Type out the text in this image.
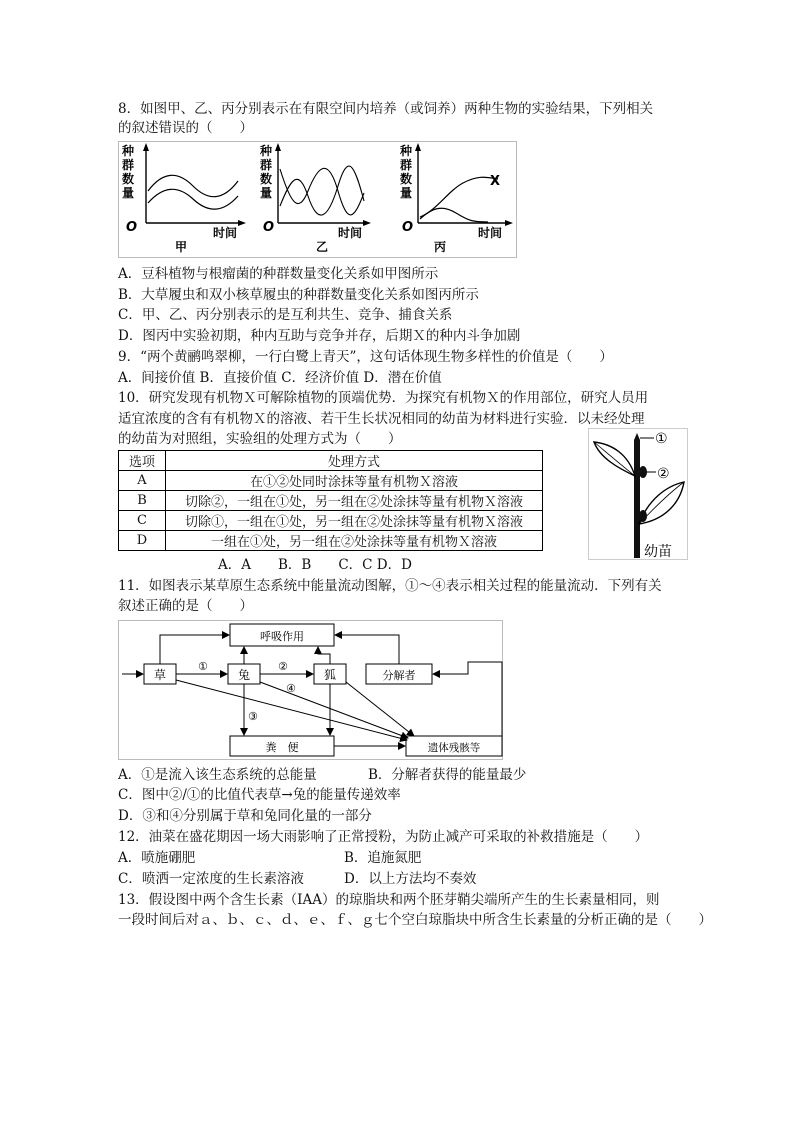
8．如图甲、乙、丙分别表示在有限空间内培养（或饲养）两种生物的实验结果，下列相关
的叙述错误的（　　）
种
群
数
量
O	时间
甲
种
群
数
量
O	时间
乙
种
群
数
量
X
O	时间
丙
A．豆科植物与根瘤菌的种群数量变化关系如甲图所示
B．大草履虫和双小核草履虫的种群数量变化关系如图丙所示
C．甲、乙、丙分别表示的是互利共生、竞争、捕食关系
D．图丙中实验初期，种内互助与竞争并存，后期Ｘ的种内斗争加剧
9．“两个黄鹂鸣翠柳，一行白鹭上青天”，这句话体现生物多样性的价值是（　　）
A．间接价值 B．直接价值 C．经济价值 D．潜在价值
10．研究发现有机物Ｘ可解除植物的顶端优势．为探究有机物Ｘ的作用部位，研究人员用
适宜浓度的含有有机物Ｘ的溶液、若干生长状况相同的幼苗为材料进行实验．以未经处理
的幼苗为对照组，实验组的处理方式为（　　）
选项	处理方式
A	在①②处同时涂抹等量有机物Ｘ溶液
B	切除②，一组在①处，另一组在②处涂抹等量有机物Ｘ溶液
C	切除①，一组在①处，另一组在②处涂抹等量有机物Ｘ溶液
D	一组在①处，另一组在②处涂抹等量有机物Ｘ溶液
A．A　　B．B　　C．C D．D
①
②
幼苗
11．如图表示某草原生态系统中能量流动图解，①～④表示相关过程的能量流动．下列有关
叙述正确的是（　　）
呼吸作用
草	兔	狐	分解者
粪　便	遗体残骸等
①	②
③
④
A．①是流入该生态系统的总能量	B．分解者获得的能量最少
C．图中②/①的比值代表草→兔的能量传递效率
D．③和④分别属于草和兔同化量的一部分
12．油菜在盛花期因一场大雨影响了正常授粉，为防止减产可采取的补救措施是（　　）
A．喷施硼肥	B．追施氮肥
C．喷洒一定浓度的生长素溶液	D．以上方法均不奏效
13．假设图中两个含生长素（IAA）的琼脂块和两个胚芽鞘尖端所产生的生长素量相同，则
一段时间后对ａ、ｂ、ｃ、ｄ、ｅ、ｆ、ｇ七个空白琼脂块中所含生长素量的分析正确的是（　　）
